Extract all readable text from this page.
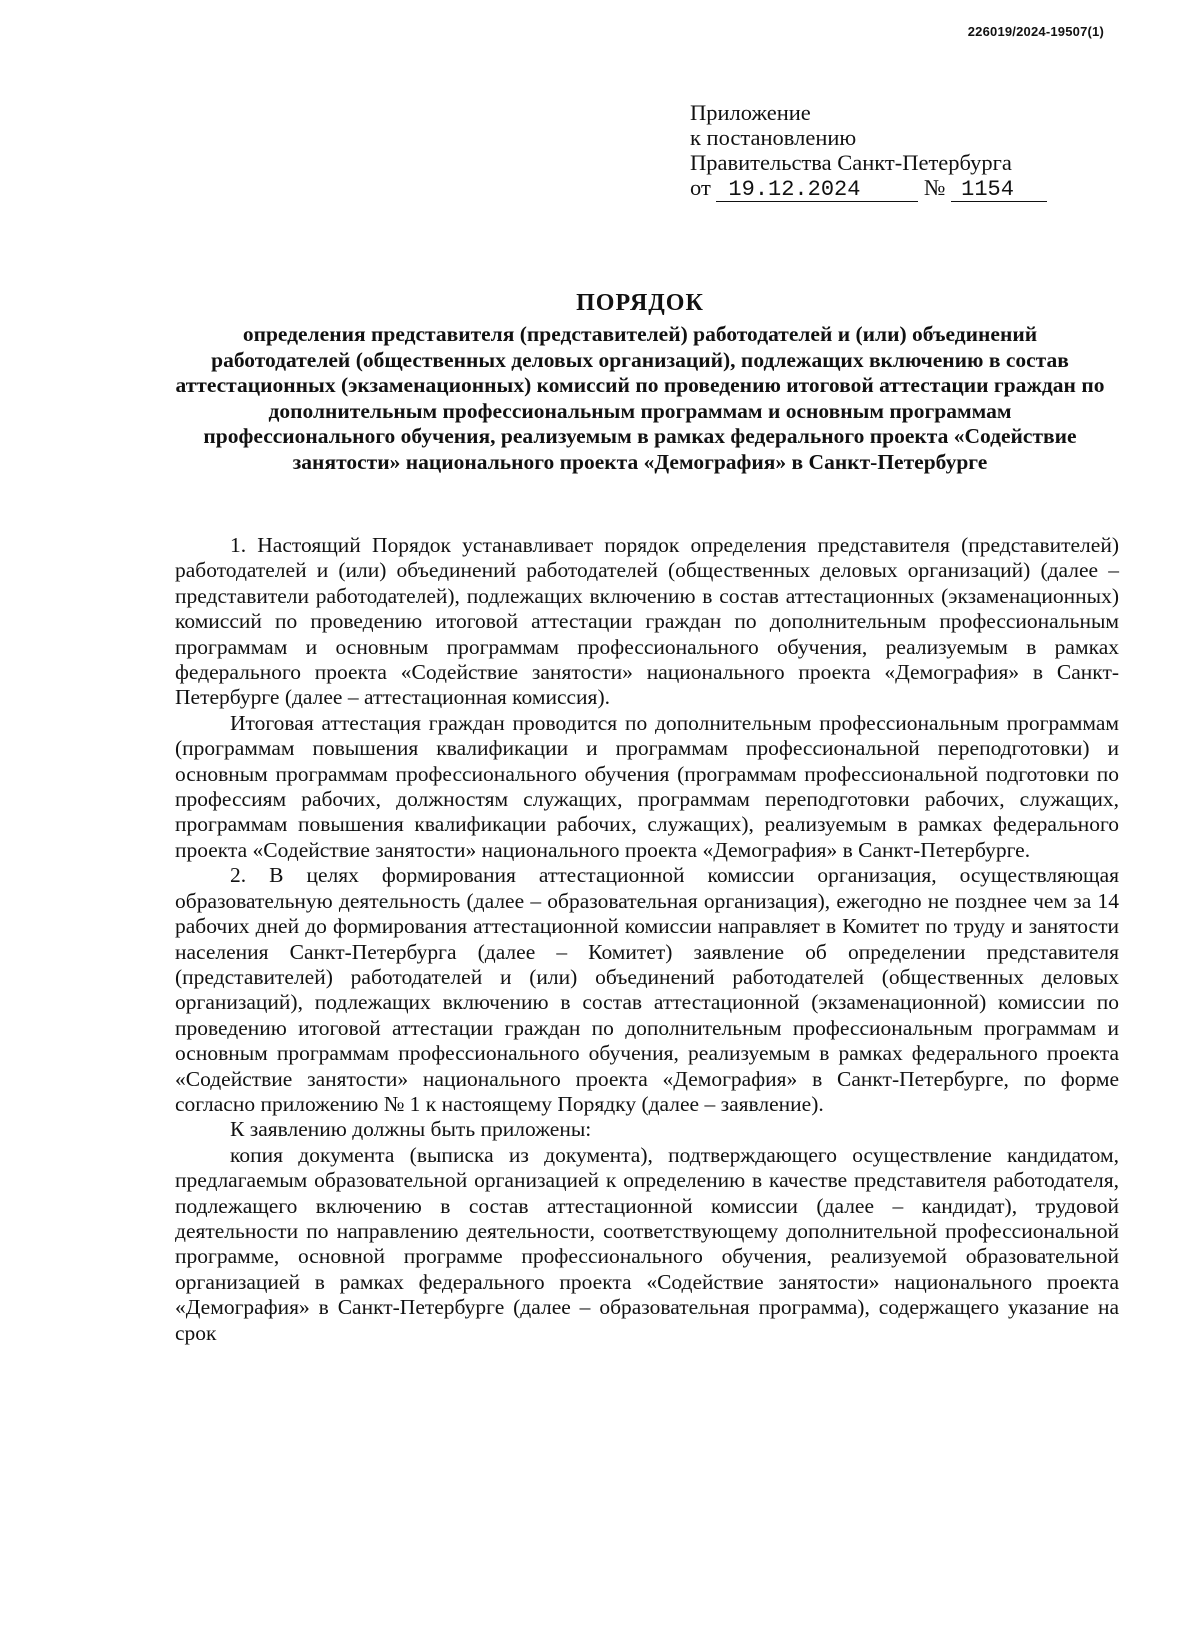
226019/2024-19507(1)
Приложение
к постановлению
Правительства Санкт-Петербурга
от 19.12.2024	№ 1154
ПОРЯДОК
определения представителя (представителей) работодателей и (или) объединений работодателей (общественных деловых организаций), подлежащих включению в состав аттестационных (экзаменационных) комиссий по проведению итоговой аттестации граждан по дополнительным профессиональным программам и основным программам профессионального обучения, реализуемым в рамках федерального проекта «Содействие занятости» национального проекта «Демография» в Санкт-Петербурге

1. Настоящий Порядок устанавливает порядок определения представителя (представителей) работодателей и (или) объединений работодателей (общественных деловых организаций) (далее – представители работодателей), подлежащих включению в состав аттестационных (экзаменационных) комиссий по проведению итоговой аттестации граждан по дополнительным профессиональным программам и основным программам профессионального обучения, реализуемым в рамках федерального проекта «Содействие занятости» национального проекта «Демография» в Санкт-Петербурге (далее – аттестационная комиссия).

Итоговая аттестация граждан проводится по дополнительным профессиональным программам (программам повышения квалификации и программам профессиональной переподготовки) и основным программам профессионального обучения (программам профессиональной подготовки по профессиям рабочих, должностям служащих, программам переподготовки рабочих, служащих, программам повышения квалификации рабочих, служащих), реализуемым в рамках федерального проекта «Содействие занятости» национального проекта «Демография» в Санкт-Петербурге.

2. В целях формирования аттестационной комиссии организация, осуществляющая образовательную деятельность (далее – образовательная организация), ежегодно не позднее чем за 14 рабочих дней до формирования аттестационной комиссии направляет в Комитет по труду и занятости населения Санкт-Петербурга (далее – Комитет) заявление об определении представителя (представителей) работодателей и (или) объединений работодателей (общественных деловых организаций), подлежащих включению в состав аттестационной (экзаменационной) комиссии по проведению итоговой аттестации граждан по дополнительным профессиональным программам и основным программам профессионального обучения, реализуемым в рамках федерального проекта «Содействие занятости» национального проекта «Демография» в Санкт-Петербурге, по форме согласно приложению № 1 к настоящему Порядку (далее – заявление).

К заявлению должны быть приложены:

копия документа (выписка из документа), подтверждающего осуществление кандидатом, предлагаемым образовательной организацией к определению в качестве представителя работодателя, подлежащего включению в состав аттестационной комиссии (далее – кандидат), трудовой деятельности по направлению деятельности, соответствующему дополнительной профессиональной программе, основной программе профессионального обучения, реализуемой образовательной организацией в рамках федерального проекта «Содействие занятости» национального проекта «Демография» в Санкт-Петербурге (далее – образовательная программа), содержащего указание на срок
